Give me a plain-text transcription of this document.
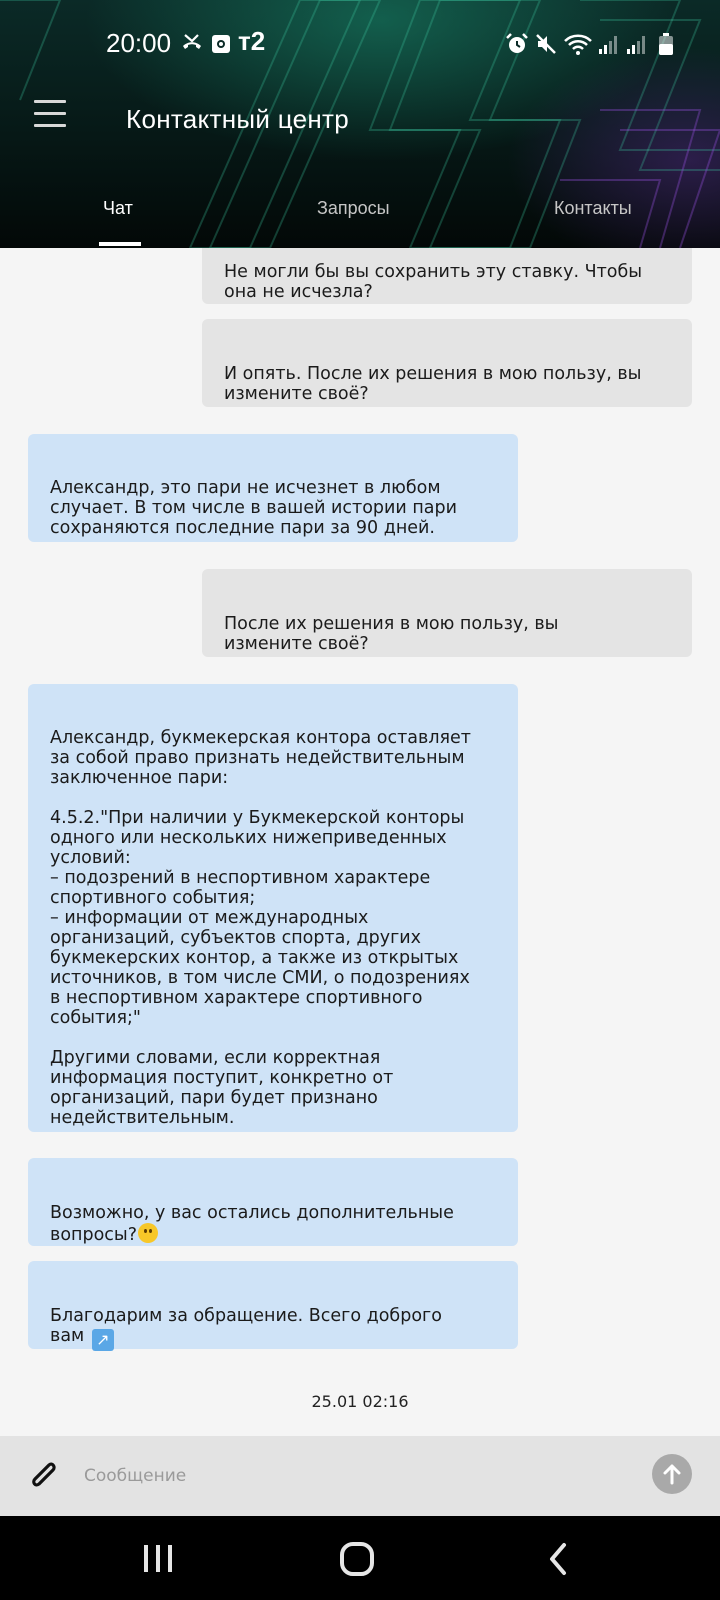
20:00	т2
Контактный центр
Чат	Запросы	Контакты

Не могли бы вы сохранить эту ставку. Чтобы
она не исчезла?

И опять. После их решения в мою пользу, вы
измените своё?

Александр, это пари не исчезнет в любом
случает. В том числе в вашей истории пари
сохраняются последние пари за 90 дней.

После их решения в мою пользу, вы
измените своё?

Александр, букмекерская контора оставляет
за собой право признать недействительным
заключенное пари:

4.5.2."При наличии у Букмекерской конторы
одного или нескольких нижеприведенных
условий:
– подозрений в неспортивном характере
спортивного события;
– информации от международных
организаций, субъектов спорта, других
букмекерских контор, а также из открытых
источников, в том числе СМИ, о подозрениях
в неспортивном характере спортивного
события;"

Другими словами, если корректная
информация поступит, конкретно от
организаций, пари будет признано
недействительным.

Возможно, у вас остались дополнительные
вопросы?

Благодарим за обращение. Всего доброго
вам ↗

25.01 02:16
Сообщение
